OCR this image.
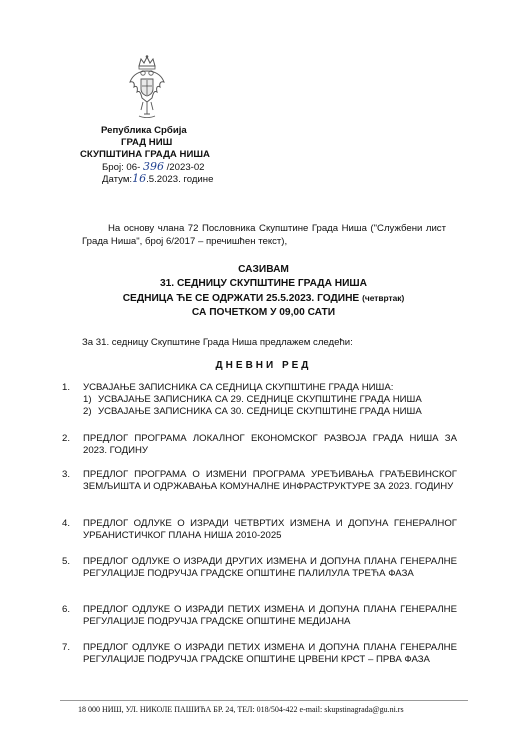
Република Србија
ГРАД НИШ
СКУПШТИНА ГРАДА НИША
Број: 06- 396 /2023-02
Датум:16.5.2023. године
На основу члана 72 Пословника Скупштине Града Ниша ("Службени лист Града Ниша", број 6/2017 – пречишћен текст),
САЗИВАМ
31. СЕДНИЦУ СКУПШТИНЕ ГРАДА НИША
СЕДНИЦА ЋЕ СЕ ОДРЖАТИ 25.5.2023. ГОДИНЕ (четвртак)
СА ПОЧЕТКОМ У 09,00 САТИ
За 31. седницу Скупштине Града Ниша предлажем следећи:
ДНЕВНИ РЕД
1.	УСВАЈАЊЕ ЗАПИСНИКА СА СЕДНИЦА СКУПШТИНЕ ГРАДА НИША:
1) УСВАЈАЊЕ ЗАПИСНИКА СА 29. СЕДНИЦЕ СКУПШТИНЕ ГРАДА НИША
2) УСВАЈАЊЕ ЗАПИСНИКА СА 30. СЕДНИЦЕ СКУПШТИНЕ ГРАДА НИША
2.	ПРЕДЛОГ ПРОГРАМА ЛОКАЛНОГ ЕКОНОМСКОГ РАЗВОЈА ГРАДА НИША ЗА 2023. ГОДИНУ
3.	ПРЕДЛОГ ПРОГРАМА О ИЗМЕНИ ПРОГРАМА УРЕЂИВАЊА ГРАЂЕВИНСКОГ ЗЕМЉИШТА И ОДРЖАВАЊА КОМУНАЛНЕ ИНФРАСТРУКТУРЕ ЗА 2023. ГОДИНУ
4.	ПРЕДЛОГ ОДЛУКЕ О ИЗРАДИ ЧЕТВРТИХ ИЗМЕНА И ДОПУНА ГЕНЕРАЛНОГ УРБАНИСТИЧКОГ ПЛАНА НИША 2010-2025
5.	ПРЕДЛОГ ОДЛУКЕ О ИЗРАДИ ДРУГИХ ИЗМЕНА И ДОПУНА ПЛАНА ГЕНЕРАЛНЕ РЕГУЛАЦИЈЕ ПОДРУЧЈА ГРАДСКЕ ОПШТИНЕ ПАЛИЛУЛА ТРЕЋА ФАЗА
6.	ПРЕДЛОГ ОДЛУКЕ О ИЗРАДИ ПЕТИХ ИЗМЕНА И ДОПУНА ПЛАНА ГЕНЕРАЛНЕ РЕГУЛАЦИЈЕ ПОДРУЧЈА ГРАДСКЕ ОПШТИНЕ МЕДИЈАНА
7.	ПРЕДЛОГ ОДЛУКЕ О ИЗРАДИ ПЕТИХ ИЗМЕНА И ДОПУНА ПЛАНА ГЕНЕРАЛНЕ РЕГУЛАЦИЈЕ ПОДРУЧЈА ГРАДСКЕ ОПШТИНЕ ЦРВЕНИ КРСТ – ПРВА ФАЗА
18 000 НИШ, УЛ. НИКОЛЕ ПАШИЋА БР. 24, ТЕЛ: 018/504-422 e-mail: skupstinagrada@gu.ni.rs
